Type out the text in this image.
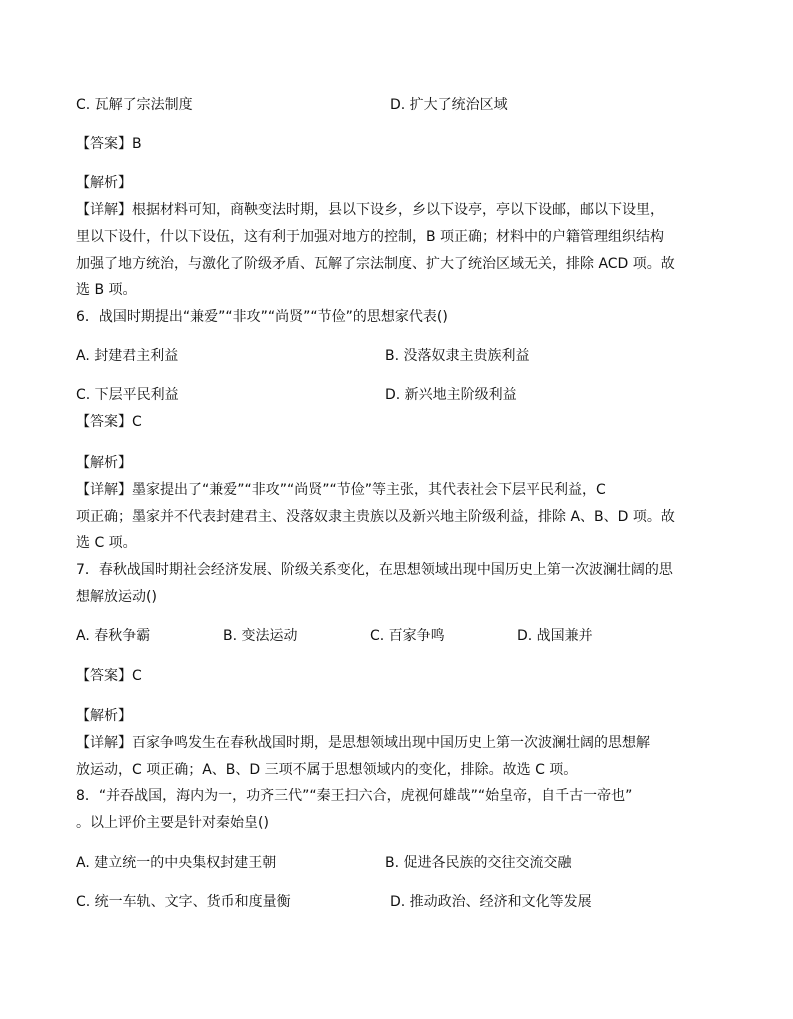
C. 瓦解了宗法制度	D. 扩大了统治区域
【答案】B
【解析】
【详解】根据材料可知，商鞅变法时期，县以下设乡，乡以下设亭，亭以下设邮，邮以下设里，
里以下设什，什以下设伍，这有利于加强对地方的控制，B 项正确；材料中的户籍管理组织结构
加强了地方统治，与激化了阶级矛盾、瓦解了宗法制度、扩大了统治区域无关，排除 ACD 项。故
选 B 项。
6．战国时期提出“兼爱”“非攻”“尚贤”“节俭”的思想家代表()
A. 封建君主利益	B. 没落奴隶主贵族利益
C. 下层平民利益	D. 新兴地主阶级利益
【答案】C
【解析】
【详解】墨家提出了“兼爱”“非攻”“尚贤”“节俭”等主张，其代表社会下层平民利益，C
项正确；墨家并不代表封建君主、没落奴隶主贵族以及新兴地主阶级利益，排除 A、B、D 项。故
选 C 项。
7．春秋战国时期社会经济发展、阶级关系变化，在思想领域出现中国历史上第一次波澜壮阔的思
想解放运动()
A. 春秋争霸	B. 变法运动	C. 百家争鸣	D. 战国兼并
【答案】C
【解析】
【详解】百家争鸣发生在春秋战国时期，是思想领域出现中国历史上第一次波澜壮阔的思想解
放运动，C 项正确；A、B、D 三项不属于思想领域内的变化，排除。故选 C 项。
8．“并吞战国，海内为一，功齐三代”“秦王扫六合，虎视何雄哉”“始皇帝，自千古一帝也”
。以上评价主要是针对秦始皇()
A. 建立统一的中央集权封建王朝	B. 促进各民族的交往交流交融
C. 统一车轨、文字、货币和度量衡	D. 推动政治、经济和文化等发展
